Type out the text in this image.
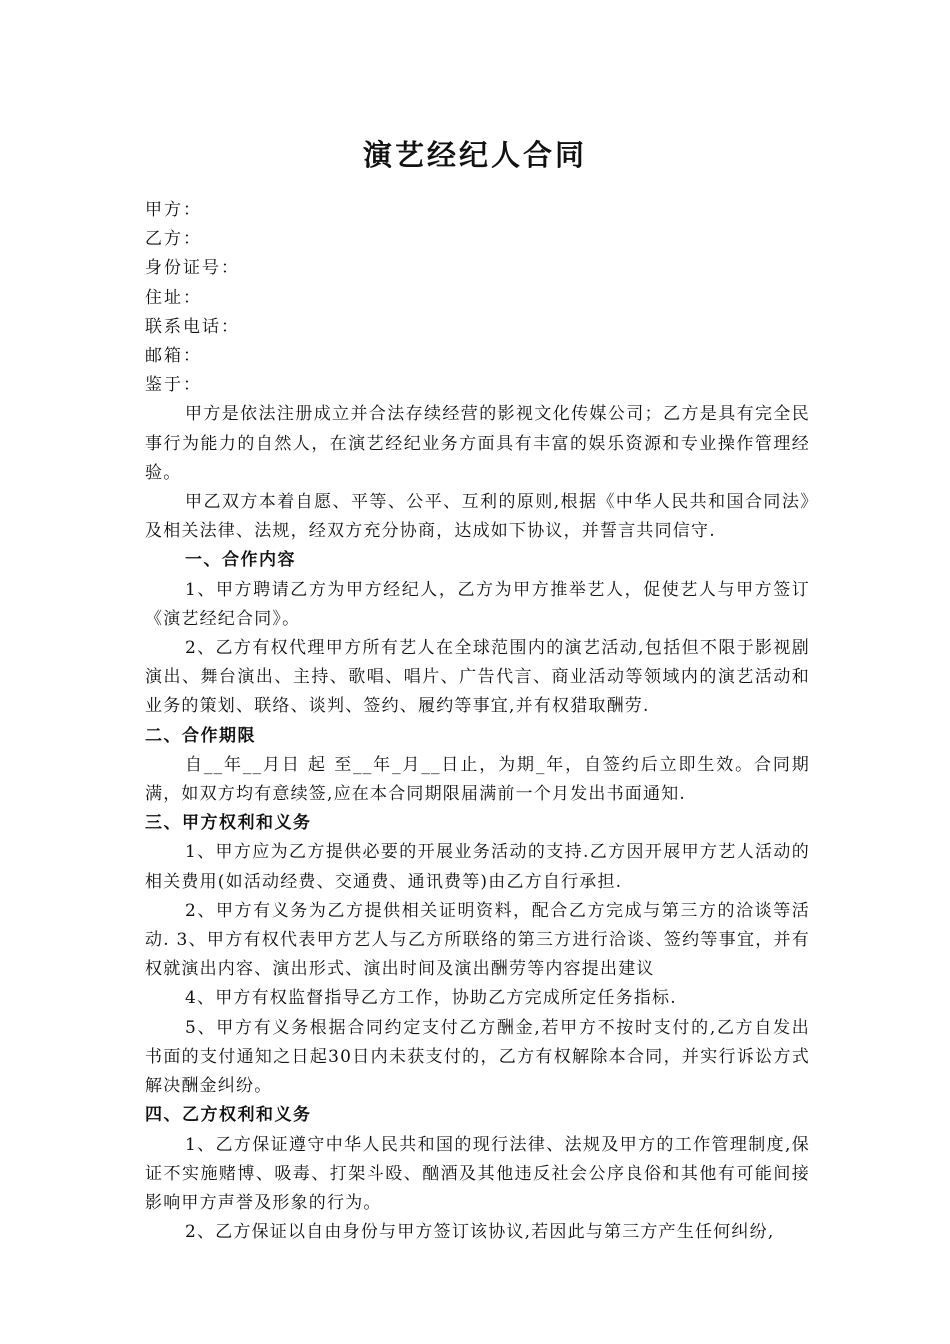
演艺经纪人合同

甲方：

乙方：

身份证号：

住址：

联系电话：

邮箱：

鉴于：

甲方是依法注册成立并合法存续经营的影视文化传媒公司；乙方是具有完全民事行为能力的自然人，在演艺经纪业务方面具有丰富的娱乐资源和专业操作管理经验。

甲乙双方本着自愿、平等、公平、互利的原则,根据《中华人民共和国合同法》及相关法律、法规，经双方充分协商，达成如下协议，并誓言共同信守.

一、合作内容

1、甲方聘请乙方为甲方经纪人，乙方为甲方推举艺人，促使艺人与甲方签订《演艺经纪合同》。

2、乙方有权代理甲方所有艺人在全球范围内的演艺活动,包括但不限于影视剧演出、舞台演出、主持、歌唱、唱片、广告代言、商业活动等领域内的演艺活动和业务的策划、联络、谈判、签约、履约等事宜,并有权猎取酬劳.

二、合作期限

自__年__月日 起 至__年_月__日止，为期_年，自签约后立即生效。合同期满，如双方均有意续签,应在本合同期限届满前一个月发出书面通知.

三、甲方权利和义务

1、甲方应为乙方提供必要的开展业务活动的支持.乙方因开展甲方艺人活动的相关费用(如活动经费、交通费、通讯费等)由乙方自行承担.

2、甲方有义务为乙方提供相关证明资料，配合乙方完成与第三方的洽谈等活动. 3、甲方有权代表甲方艺人与乙方所联络的第三方进行洽谈、签约等事宜，并有权就演出内容、演出形式、演出时间及演出酬劳等内容提出建议

4、甲方有权监督指导乙方工作，协助乙方完成所定任务指标.

5、甲方有义务根据合同约定支付乙方酬金,若甲方不按时支付的,乙方自发出书面的支付通知之日起30日内未获支付的，乙方有权解除本合同，并实行诉讼方式解决酬金纠纷。

四、乙方权利和义务

1、乙方保证遵守中华人民共和国的现行法律、法规及甲方的工作管理制度,保证不实施赌博、吸毒、打架斗殴、酗酒及其他违反社会公序良俗和其他有可能间接影响甲方声誉及形象的行为。

2、乙方保证以自由身份与甲方签订该协议,若因此与第三方产生任何纠纷,
